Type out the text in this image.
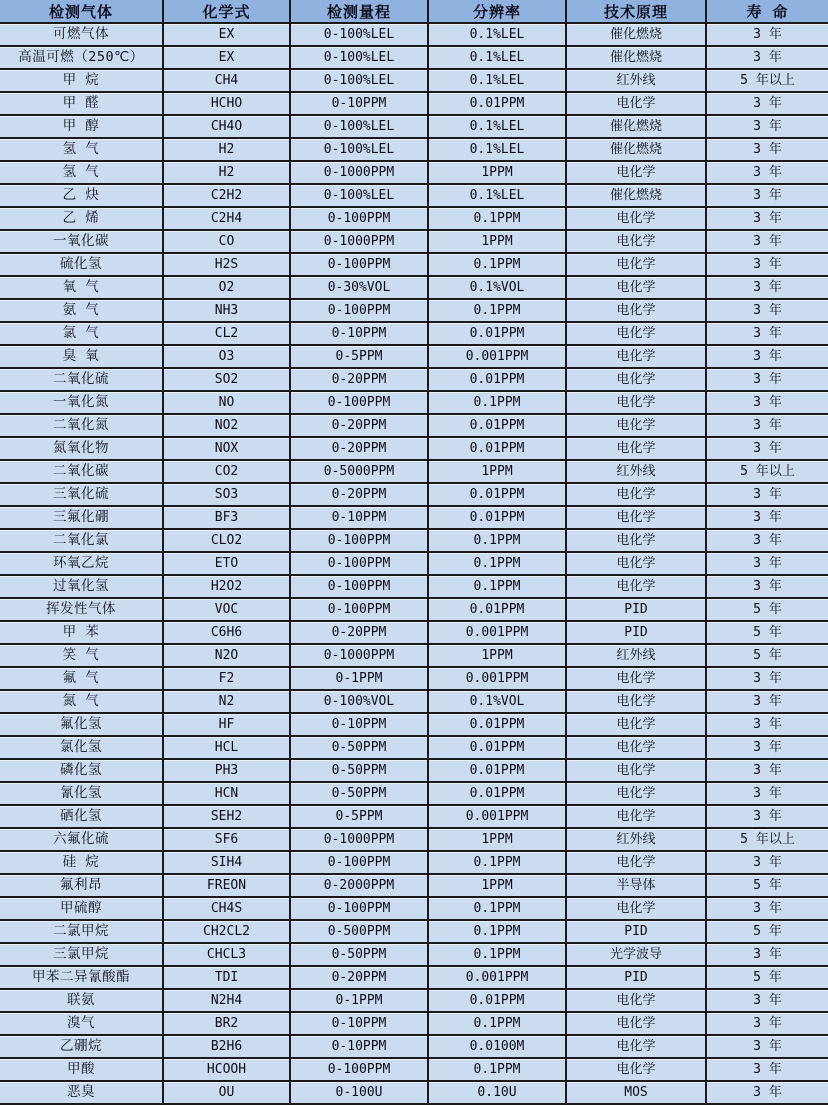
检测气体	化学式	检测量程	分辨率	技术原理	寿 命
可燃气体	EX	0-100%LEL	0.1%LEL	催化燃烧	3 年
高温可燃（250℃）	EX	0-100%LEL	0.1%LEL	催化燃烧	3 年
甲 烷	CH4	0-100%LEL	0.1%LEL	红外线	5 年以上
甲 醛	HCHO	0-10PPM	0.01PPM	电化学	3 年
甲 醇	CH4O	0-100%LEL	0.1%LEL	催化燃烧	3 年
氢 气	H2	0-100%LEL	0.1%LEL	催化燃烧	3 年
氢 气	H2	0-1000PPM	1PPM	电化学	3 年
乙 炔	C2H2	0-100%LEL	0.1%LEL	催化燃烧	3 年
乙 烯	C2H4	0-100PPM	0.1PPM	电化学	3 年
一氧化碳	CO	0-1000PPM	1PPM	电化学	3 年
硫化氢	H2S	0-100PPM	0.1PPM	电化学	3 年
氧 气	O2	0-30%VOL	0.1%VOL	电化学	3 年
氨 气	NH3	0-100PPM	0.1PPM	电化学	3 年
氯 气	CL2	0-10PPM	0.01PPM	电化学	3 年
臭 氧	O3	0-5PPM	0.001PPM	电化学	3 年
二氧化硫	SO2	0-20PPM	0.01PPM	电化学	3 年
一氧化氮	NO	0-100PPM	0.1PPM	电化学	3 年
二氧化氮	NO2	0-20PPM	0.01PPM	电化学	3 年
氮氧化物	NOX	0-20PPM	0.01PPM	电化学	3 年
二氧化碳	CO2	0-5000PPM	1PPM	红外线	5 年以上
三氧化硫	SO3	0-20PPM	0.01PPM	电化学	3 年
三氟化硼	BF3	0-10PPM	0.01PPM	电化学	3 年
二氧化氯	CLO2	0-100PPM	0.1PPM	电化学	3 年
环氧乙烷	ETO	0-100PPM	0.1PPM	电化学	3 年
过氧化氢	H2O2	0-100PPM	0.1PPM	电化学	3 年
挥发性气体	VOC	0-100PPM	0.01PPM	PID	5 年
甲 苯	C6H6	0-20PPM	0.001PPM	PID	5 年
笑 气	N2O	0-1000PPM	1PPM	红外线	5 年
氟 气	F2	0-1PPM	0.001PPM	电化学	3 年
氮 气	N2	0-100%VOL	0.1%VOL	电化学	3 年
氟化氢	HF	0-10PPM	0.01PPM	电化学	3 年
氯化氢	HCL	0-50PPM	0.01PPM	电化学	3 年
磷化氢	PH3	0-50PPM	0.01PPM	电化学	3 年
氰化氢	HCN	0-50PPM	0.01PPM	电化学	3 年
硒化氢	SEH2	0-5PPM	0.001PPM	电化学	3 年
六氟化硫	SF6	0-1000PPM	1PPM	红外线	5 年以上
硅 烷	SIH4	0-100PPM	0.1PPM	电化学	3 年
氟利昂	FREON	0-2000PPM	1PPM	半导体	5 年
甲硫醇	CH4S	0-100PPM	0.1PPM	电化学	3 年
二氯甲烷	CH2CL2	0-500PPM	0.1PPM	PID	5 年
三氯甲烷	CHCL3	0-50PPM	0.1PPM	光学波导	3 年
甲苯二异氰酸酯	TDI	0-20PPM	0.001PPM	PID	5 年
联氨	N2H4	0-1PPM	0.01PPM	电化学	3 年
溴气	BR2	0-10PPM	0.1PPM	电化学	3 年
乙硼烷	B2H6	0-10PPM	0.0100M	电化学	3 年
甲酸	HCOOH	0-100PPM	0.1PPM	电化学	3 年
恶臭	OU	0-100U	0.10U	MOS	3 年
